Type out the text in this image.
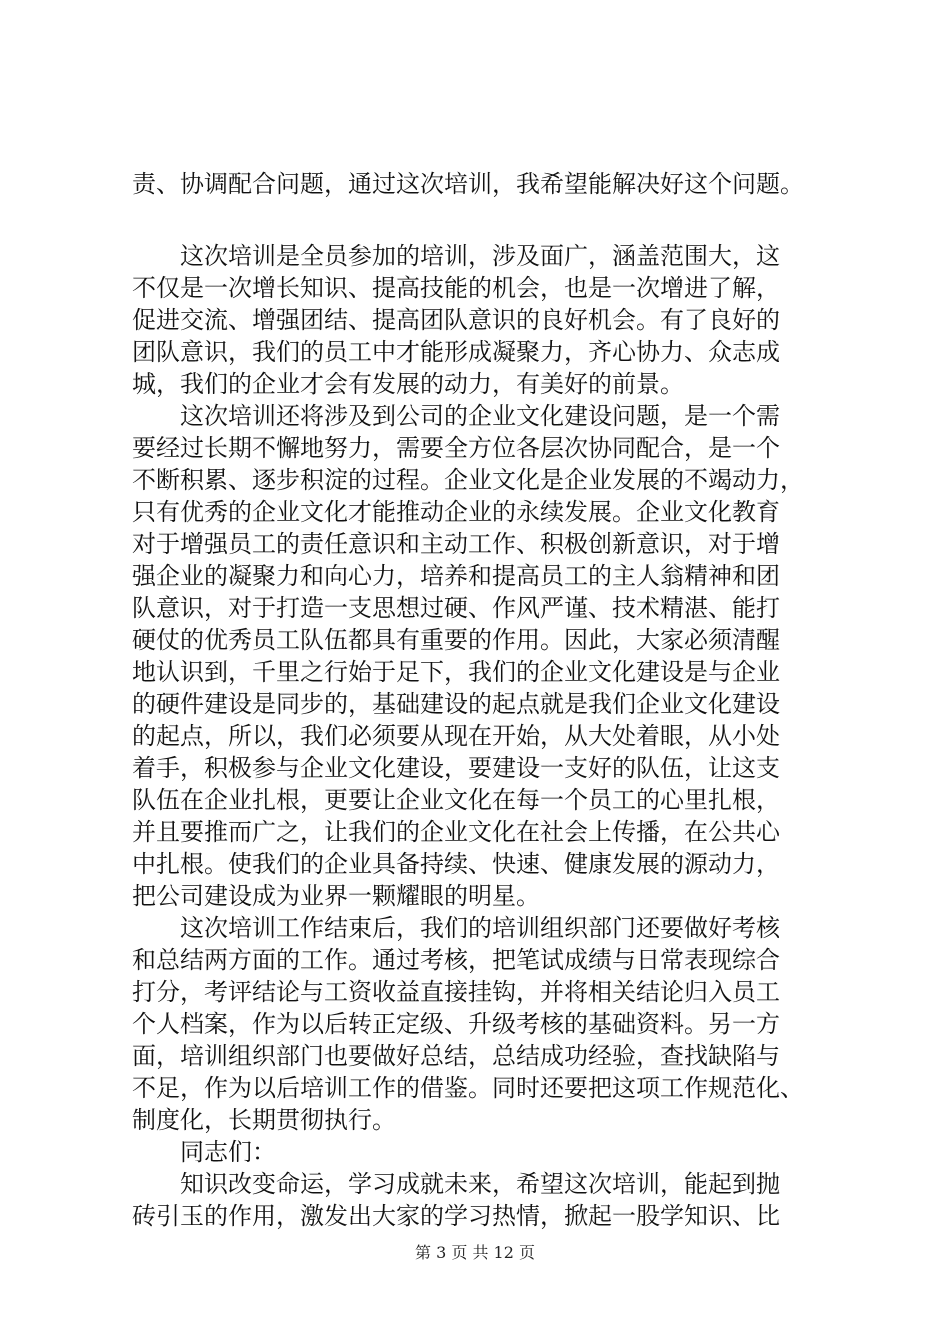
责、协调配合问题，通过这次培训，我希望能解决好这个问题。
　　这次培训是全员参加的培训，涉及面广，涵盖范围大，这
不仅是一次增长知识、提高技能的机会，也是一次增进了解，
促进交流、增强团结、提高团队意识的良好机会。有了良好的
团队意识，我们的员工中才能形成凝聚力，齐心协力、众志成
城，我们的企业才会有发展的动力，有美好的前景。
　　这次培训还将涉及到公司的企业文化建设问题，是一个需
要经过长期不懈地努力，需要全方位各层次协同配合，是一个
不断积累、逐步积淀的过程。企业文化是企业发展的不竭动力，
只有优秀的企业文化才能推动企业的永续发展。企业文化教育
对于增强员工的责任意识和主动工作、积极创新意识，对于增
强企业的凝聚力和向心力，培养和提高员工的主人翁精神和团
队意识，对于打造一支思想过硬、作风严谨、技术精湛、能打
硬仗的优秀员工队伍都具有重要的作用。因此，大家必须清醒
地认识到，千里之行始于足下，我们的企业文化建设是与企业
的硬件建设是同步的，基础建设的起点就是我们企业文化建设
的起点，所以，我们必须要从现在开始，从大处着眼，从小处
着手，积极参与企业文化建设，要建设一支好的队伍，让这支
队伍在企业扎根，更要让企业文化在每一个员工的心里扎根，
并且要推而广之，让我们的企业文化在社会上传播，在公共心
中扎根。使我们的企业具备持续、快速、健康发展的源动力，
把公司建设成为业界一颗耀眼的明星。
　　这次培训工作结束后，我们的培训组织部门还要做好考核
和总结两方面的工作。通过考核，把笔试成绩与日常表现综合
打分，考评结论与工资收益直接挂钩，并将相关结论归入员工
个人档案，作为以后转正定级、升级考核的基础资料。另一方
面，培训组织部门也要做好总结，总结成功经验，查找缺陷与
不足，作为以后培训工作的借鉴。同时还要把这项工作规范化、
制度化，长期贯彻执行。
　　同志们：
　　知识改变命运，学习成就未来，希望这次培训，能起到抛
砖引玉的作用，激发出大家的学习热情，掀起一股学知识、比
第 3 页 共 12 页
